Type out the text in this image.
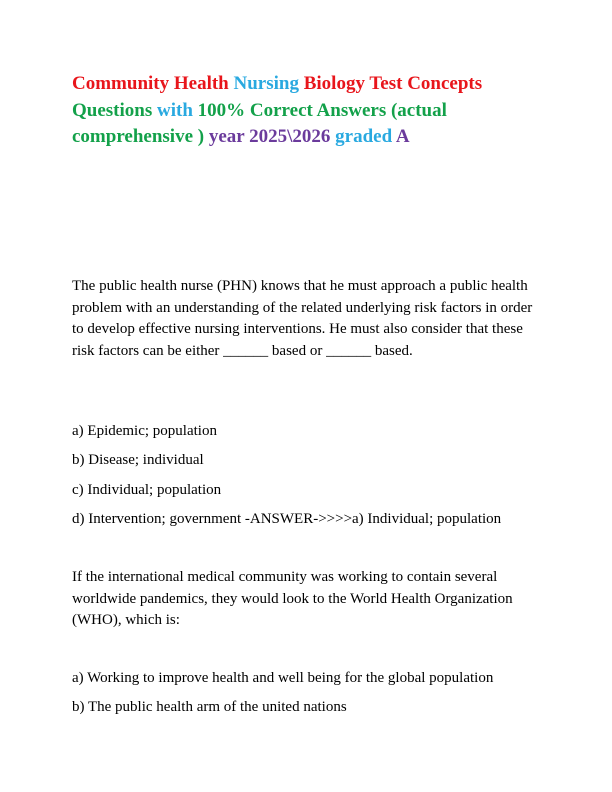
Community Health Nursing Biology Test Concepts Questions with 100% Correct Answers (actual comprehensive ) year 2025\2026 graded A

The public health nurse (PHN) knows that he must approach a public health problem with an understanding of the related underlying risk factors in order to develop effective nursing interventions. He must also consider that these risk factors can be either ______ based or ______ based.

a) Epidemic; population

b) Disease; individual

c) Individual; population

d) Intervention; government -ANSWER->>>>a) Individual; population

If the international medical community was working to contain several worldwide pandemics, they would look to the World Health Organization (WHO), which is:

a) Working to improve health and well being for the global population

b) The public health arm of the united nations
